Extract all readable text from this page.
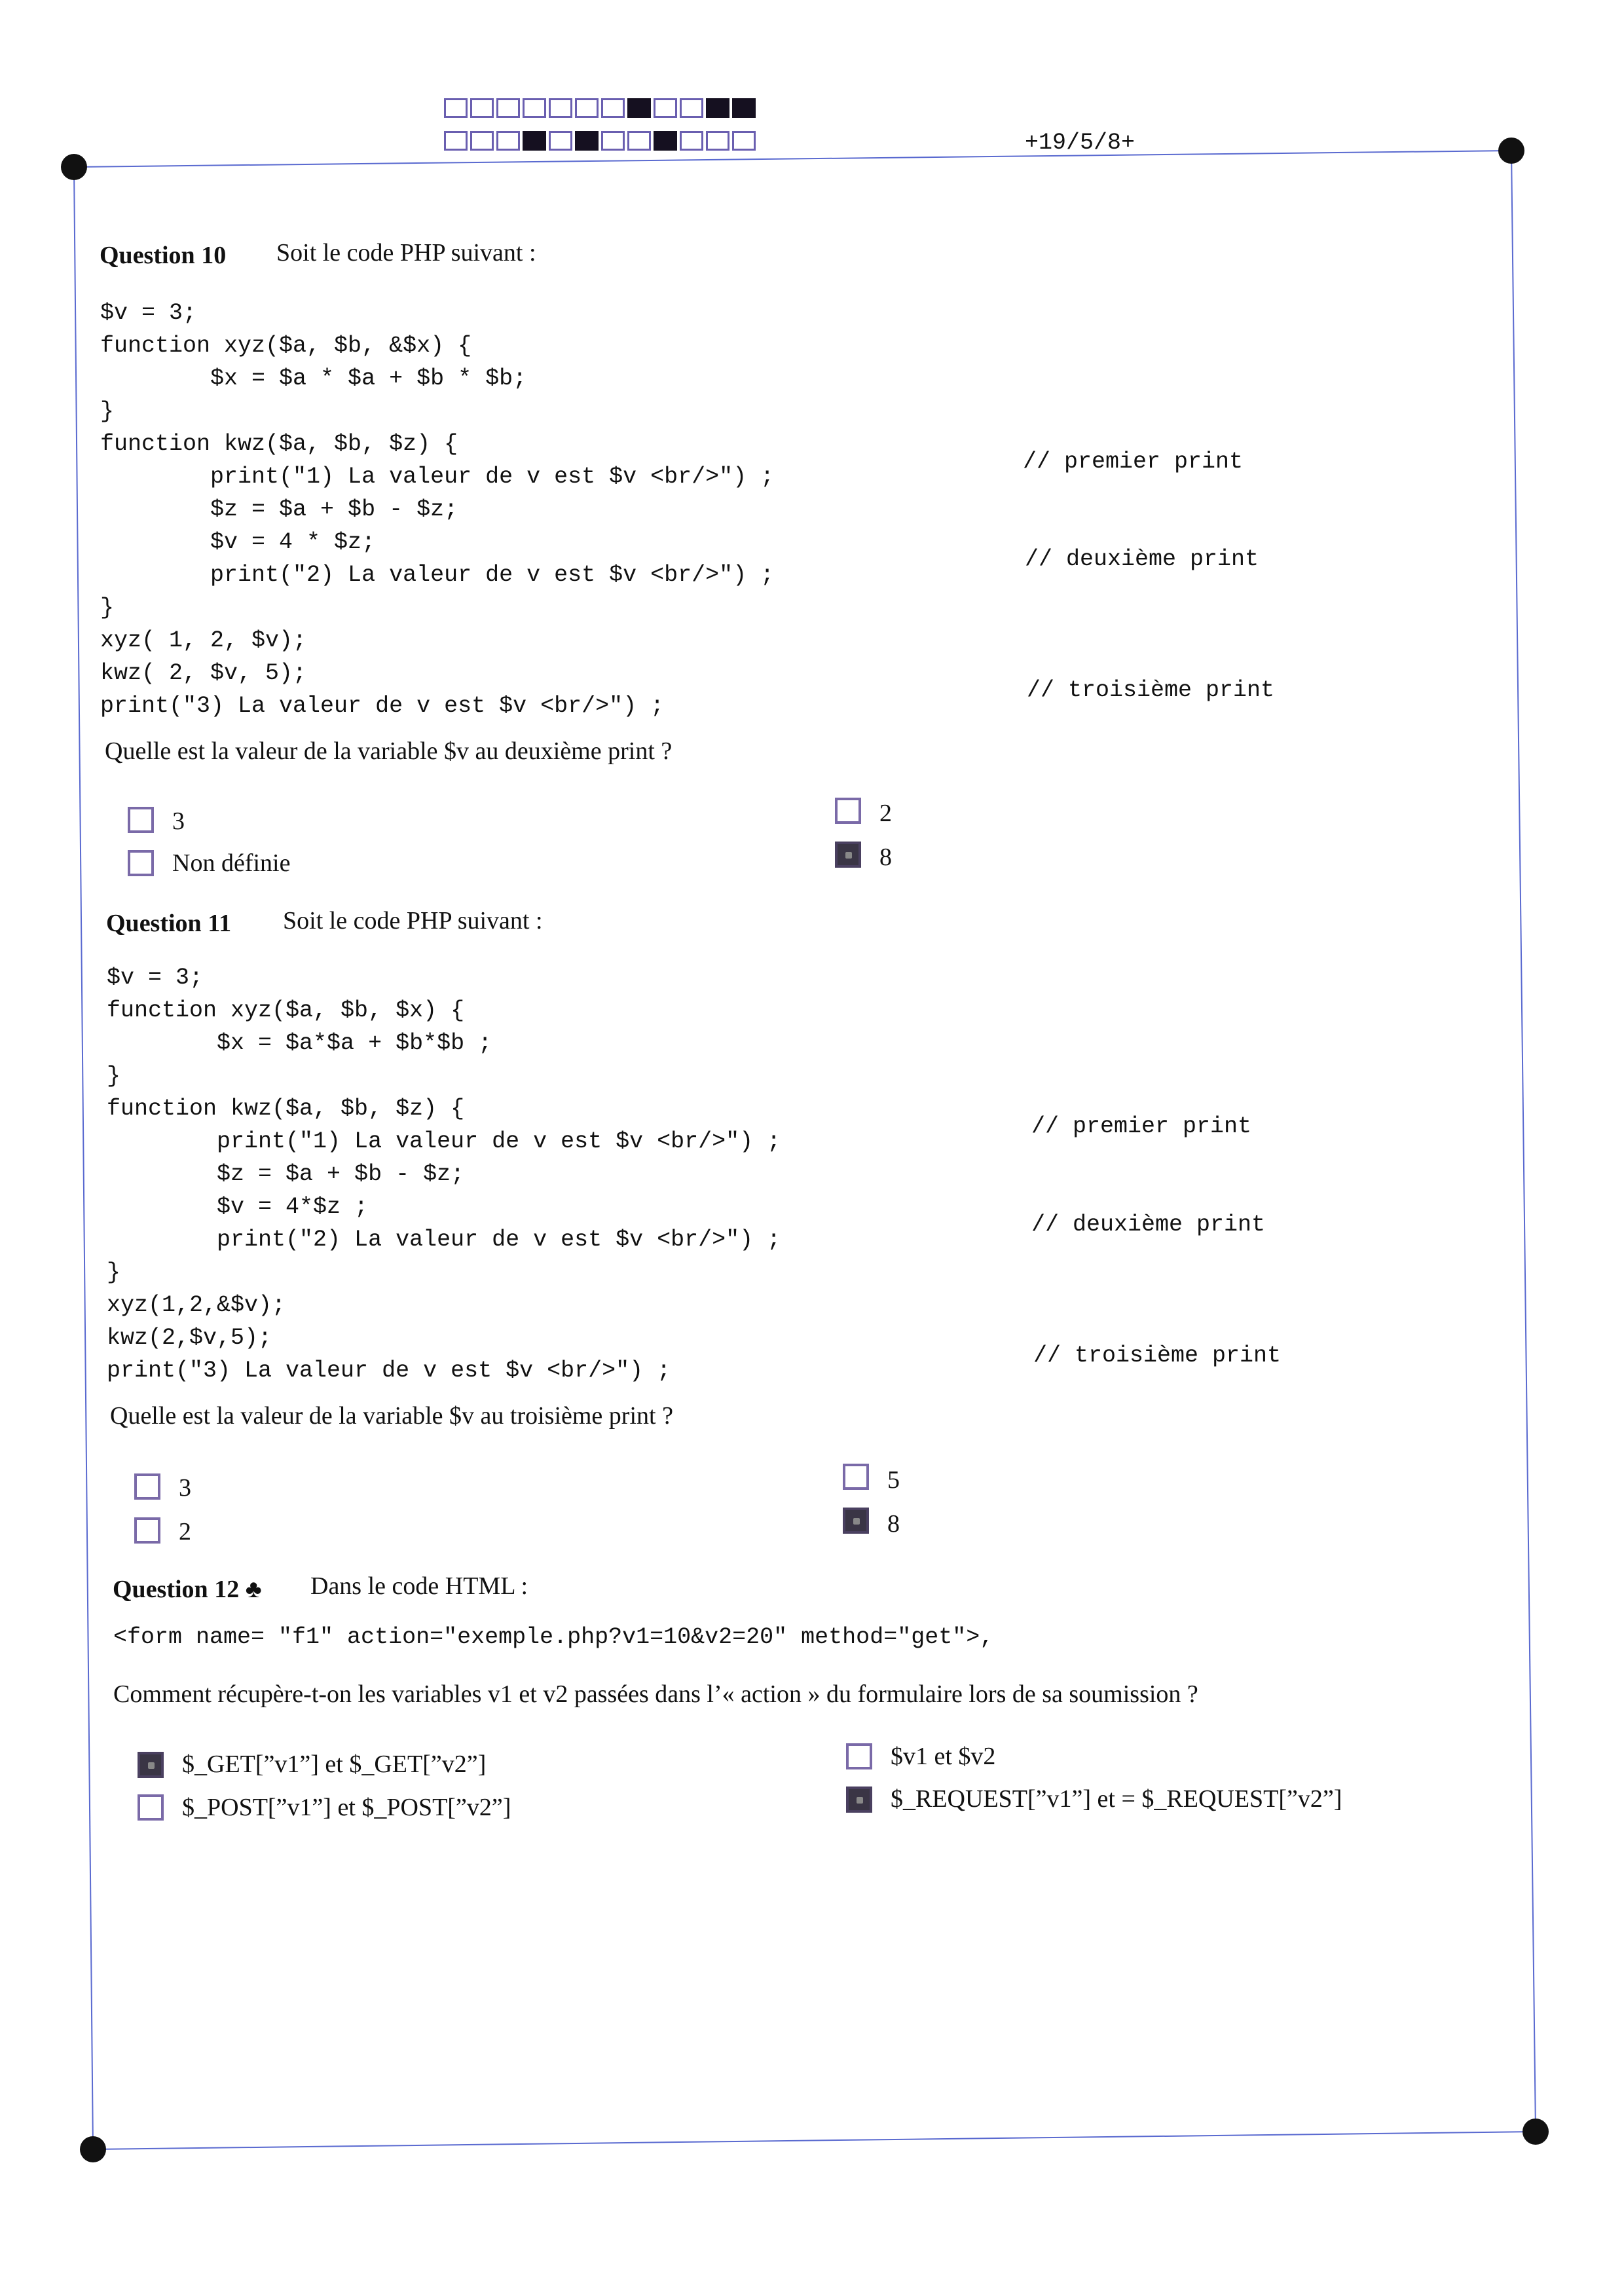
+19/5/8+
Question 10 Soit le code PHP suivant :
$v = 3;
function xyz($a, $b, &$x) {
$x = $a * $a + $b * $b;
}
function kwz($a, $b, $z) {
print("1) La valeur de v est $v <br/>") ;
$z = $a + $b - $z;
$v = 4 * $z;
print("2) La valeur de v est $v <br/>") ;
}
xyz( 1, 2, $v);
kwz( 2, $v, 5);
print("3) La valeur de v est $v <br/>") ;
// premier print
// deuxième print
// troisième print
Quelle est la valeur de la variable $v au deuxième print ?
3
Non définie
2
8
Question 11 Soit le code PHP suivant :
$v = 3;
function xyz($a, $b, $x) {
$x = $a*$a + $b*$b ;
}
function kwz($a, $b, $z) {
print("1) La valeur de v est $v <br/>") ;
$z = $a + $b - $z;
$v = 4*$z ;
print("2) La valeur de v est $v <br/>") ;
}
xyz(1,2,&$v);
kwz(2,$v,5);
print("3) La valeur de v est $v <br/>") ;
// premier print
// deuxième print
// troisième print
Quelle est la valeur de la variable $v au troisième print ?
3
2
5
8
Question 12 ♣ Dans le code HTML :
<form name= "f1" action="exemple.php?v1=10&v2=20" method="get">,
Comment récupère-t-on les variables v1 et v2 passées dans l’« action » du formulaire lors de sa soumission ?
$_GET[”v1”] et $_GET[”v2”]
$_POST[”v1”] et $_POST[”v2”]
$v1 et $v2
$_REQUEST[”v1”] et = $_REQUEST[”v2”]
